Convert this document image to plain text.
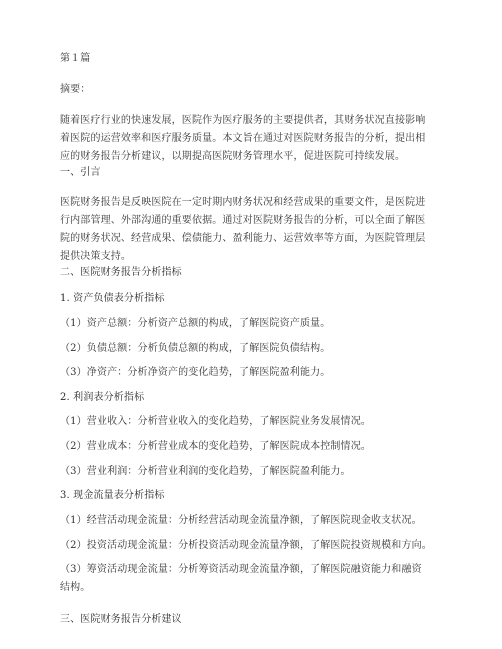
第１篇
摘要：
随着医疗行业的快速发展，医院作为医疗服务的主要提供者，其财务状况直接影响
着医院的运营效率和医疗服务质量。本文旨在通过对医院财务报告的分析，提出相
应的财务报告分析建议，以期提高医院财务管理水平，促进医院可持续发展。
一、引言
医院财务报告是反映医院在一定时期内财务状况和经营成果的重要文件，是医院进
行内部管理、外部沟通的重要依据。通过对医院财务报告的分析，可以全面了解医
院的财务状况、经营成果、偿债能力、盈利能力、运营效率等方面，为医院管理层
提供决策支持。
二、医院财务报告分析指标
1. 资产负债表分析指标
（1）资产总额：分析资产总额的构成，了解医院资产质量。
（2）负债总额：分析负债总额的构成，了解医院负债结构。
（3）净资产：分析净资产的变化趋势，了解医院盈利能力。
2. 利润表分析指标
（1）营业收入：分析营业收入的变化趋势，了解医院业务发展情况。
（2）营业成本：分析营业成本的变化趋势，了解医院成本控制情况。
（3）营业利润：分析营业利润的变化趋势，了解医院盈利能力。
3. 现金流量表分析指标
（1）经营活动现金流量：分析经营活动现金流量净额，了解医院现金收支状况。
（2）投资活动现金流量：分析投资活动现金流量净额，了解医院投资规模和方向。
（3）筹资活动现金流量：分析筹资活动现金流量净额，了解医院融资能力和融资
结构。
三、医院财务报告分析建议
